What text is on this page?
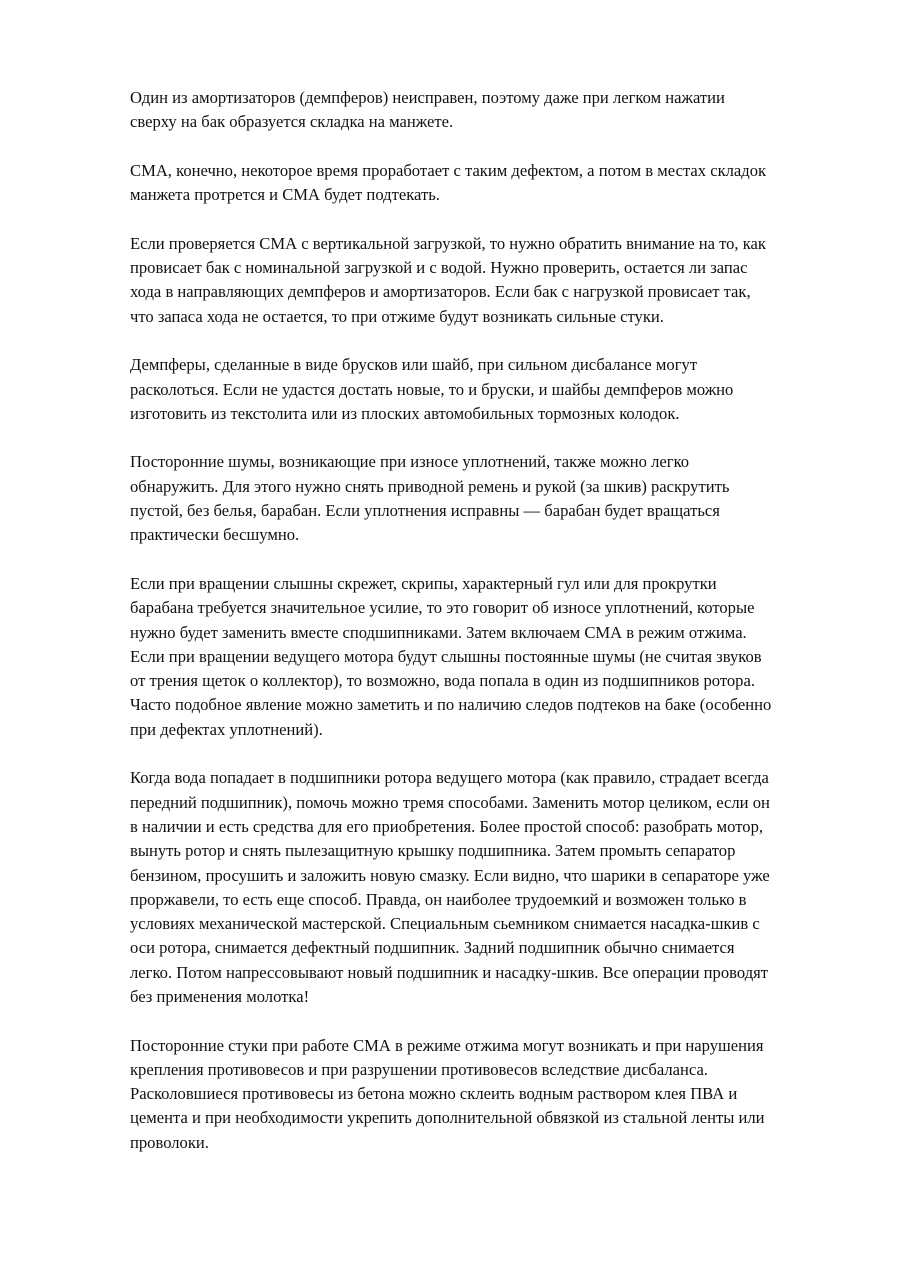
Один из амортизаторов (демпферов) неисправен, поэтому даже при легком нажатии
сверху на бак образуется складка на манжете.
СМА, конечно, некоторое время проработает с таким дефектом, а потом в местах складок
манжета протрется и СМА будет подтекать.
Если проверяется СМА с вертикальной загрузкой, то нужно обратить внимание на то, как
провисает бак с номинальной загрузкой и с водой. Нужно проверить, остается ли запас
хода в направляющих демпферов и амортизаторов. Если бак с нагрузкой провисает так,
что запаса хода не остается, то при отжиме будут возникать сильные стуки.
Демпферы, сделанные в виде брусков или шайб, при сильном дисбалансе могут
расколоться. Если не удастся достать новые, то и бруски, и шайбы демпферов можно
изготовить из текстолита или из плоских автомобильных тормозных колодок.
Посторонние шумы, возникающие при износе уплотнений, также можно легко
обнаружить. Для этого нужно снять приводной ремень и рукой (за шкив) раскрутить
пустой, без белья, барабан. Если уплотнения исправны — барабан будет вращаться
практически бесшумно.
Если при вращении слышны скрежет, скрипы, характерный гул или для прокрутки
барабана требуется значительное усилие, то это говорит об износе уплотнений, которые
нужно будет заменить вместе сподшипниками. Затем включаем СМА в режим отжима.
Если при вращении ведущего мотора будут слышны постоянные шумы (не считая звуков
от трения щеток о коллектор), то возможно, вода попала в один из подшипников ротора.
Часто подобное явление можно заметить и по наличию следов подтеков на баке (особенно
при дефектах уплотнений).
Когда вода попадает в подшипники ротора ведущего мотора (как правило, страдает всегда
передний подшипник), помочь можно тремя способами. Заменить мотор целиком, если он
в наличии и есть средства для его приобретения. Более простой способ: разобрать мотор,
вынуть ротор и снять пылезащитную крышку подшипника. Затем промыть сепаратор
бензином, просушить и заложить новую смазку. Если видно, что шарики в сепараторе уже
проржавели, то есть еще способ. Правда, он наиболее трудоемкий и возможен только в
условиях механической мастерской. Специальным сьемником снимается насадка-шкив с
оси ротора, снимается дефектный подшипник. Задний подшипник обычно снимается
легко. Потом напрессовывают новый подшипник и насадку-шкив. Все операции проводят
без применения молотка!
Посторонние стуки при работе СМА в режиме отжима могут возникать и при нарушения
крепления противовесов и при разрушении противовесов вследствие дисбаланса.
Расколовшиеся противовесы из бетона можно склеить водным раствором клея ПВА и
цемента и при необходимости укрепить дополнительной обвязкой из стальной ленты или
проволоки.
